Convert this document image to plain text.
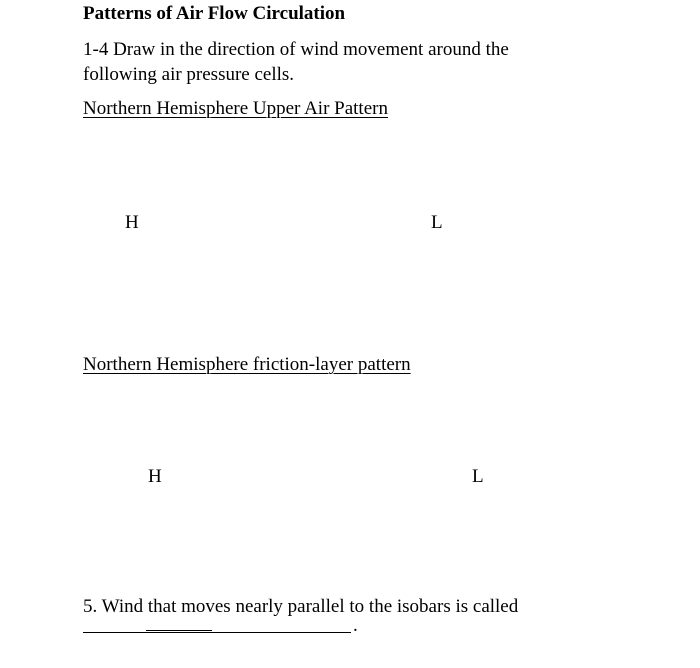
Patterns of Air Flow Circulation
1-4 Draw in the direction of wind movement around the following air pressure cells.
Northern Hemisphere Upper Air Pattern
H	L
Northern Hemisphere friction-layer pattern
H	L
5. Wind that moves nearly parallel to the isobars is called
.
